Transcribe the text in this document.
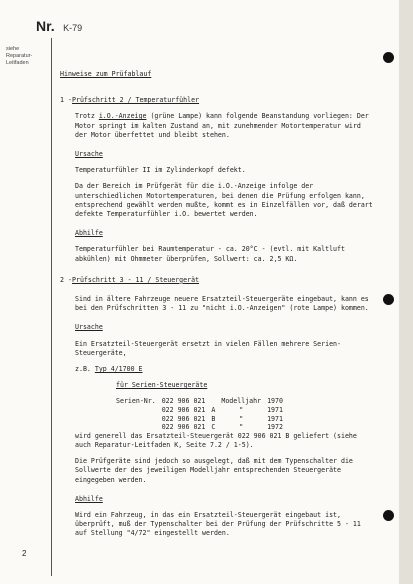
Nr. K-79
siehe Reparatur-Leitfaden
2

Hinweise zum Prüfablauf

1 - Prüfschritt 2 / Temperaturfühler

Trotz i.O.-Anzeige (grüne Lampe) kann folgende Beanstandung vorliegen: Der Motor springt im kalten Zustand an, mit zunehmender Motortemperatur wird der Motor überfettet und bleibt stehen.

Ursache

Temperaturfühler II im Zylinderkopf defekt.

Da der Bereich im Prüfgerät für die i.O.-Anzeige infolge der unterschiedlichen Motortemperaturen, bei denen die Prüfung erfolgen kann, entsprechend gewählt werden mußte, kommt es in Einzelfällen vor, daß derart defekte Temperaturfühler i.O. bewertet werden.

Abhilfe

Temperaturfühler bei Raumtemperatur - ca. 20°C - (evtl. mit Kaltluft abkühlen) mit Ohmmeter überprüfen, Sollwert: ca. 2,5 KΩ.

2 - Prüfschritt 3 - 11 / Steuergerät

Sind in ältere Fahrzeuge neuere Ersatzteil-Steuergeräte eingebaut, kann es bei den Prüfschritten 3 - 11 zu "nicht i.O.-Anzeigen" (rote Lampe) kommen.

Ursache

Ein Ersatzteil-Steuergerät ersetzt in vielen Fällen mehrere Serien-Steuergeräte,

z.B. Typ 4/1700 E

für Serien-Steuergeräte

Serien-Nr.	022 906 021		Modelljahr	1970
	022 906 021	A	"	1971
	022 906 021	B	"	1971
	022 906 021	C	"	1972

wird generell das Ersatzteil-Steuergerät 022 906 021 B geliefert (siehe auch Reparatur-Leitfaden K, Seite 7.2 / 1-5).

Die Prüfgeräte sind jedoch so ausgelegt, daß mit dem Typenschalter die Sollwerte der des jeweiligen Modelljahr entsprechenden Steuergeräte eingegeben werden.

Abhilfe

Wird ein Fahrzeug, in das ein Ersatzteil-Steuergerät eingebaut ist, überprüft, muß der Typenschalter bei der Prüfung der Prüfschritte 5 - 11 auf Stellung "4/72" eingestellt werden.
